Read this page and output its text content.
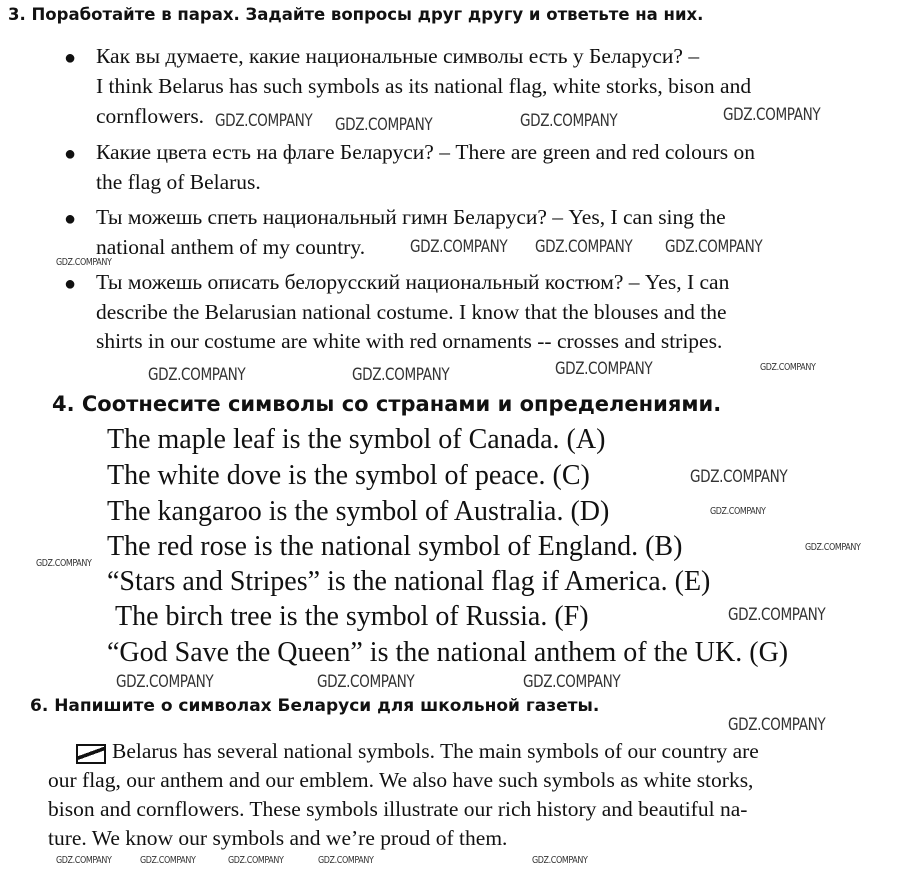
3. Поработайте в парах. Задайте вопросы друг другу и ответьте на них.
● Как вы думаете, какие национальные символы есть у Беларуси? –
I think Belarus has such symbols as its national flag, white storks, bison and
cornflowers.
● Какие цвета есть на флаге Беларуси? – There are green and red colours on
the flag of Belarus.
● Ты можешь спеть национальный гимн Беларуси? – Yes, I can sing the
national anthem of my country.
● Ты можешь описать белорусский национальный костюм? – Yes, I can
describe the Belarusian national costume. I know that the blouses and the
shirts in our costume are white with red ornaments -- crosses and stripes.
4. Соотнесите символы со странами и определениями.
The maple leaf is the symbol of Canada. (A)
The white dove is the symbol of peace. (C)
The kangaroo is the symbol of Australia. (D)
The red rose is the national symbol of England. (B)
“Stars and Stripes” is the national flag if America. (E)
The birch tree is the symbol of Russia. (F)
“God Save the Queen” is the national anthem of the UK. (G)
6. Напишите о символах Беларуси для школьной газеты.
Belarus has several national symbols. The main symbols of our country are
our flag, our anthem and our emblem. We also have such symbols as white storks,
bison and cornflowers. These symbols illustrate our rich history and beautiful na-
ture. We know our symbols and we’re proud of them.
GDZ.COMPANY GDZ.COMPANY	GDZ.COMPANY	GDZ.COMPANY
GDZ.COMPANY	GDZ.COMPANY
GDZ.COMPANY
GDZ.COMPANY
GDZ.COMPANY	GDZ.COMPANY
GDZ.COMPANY	GDZ.COMPANY
GDZ.COMPANY
GDZ.COMPANY
GDZ.COMPANY
GDZ.COMPANY
GDZ.COMPANY
GDZ.COMPANY	GDZ.COMPANY
GDZ.COMPANY
GDZ.COMPANY
GDZ.COMPANY	GDZ.COMPANY	GDZ.COMPANY	GDZ.COMPANY	GDZ.COMPANY
